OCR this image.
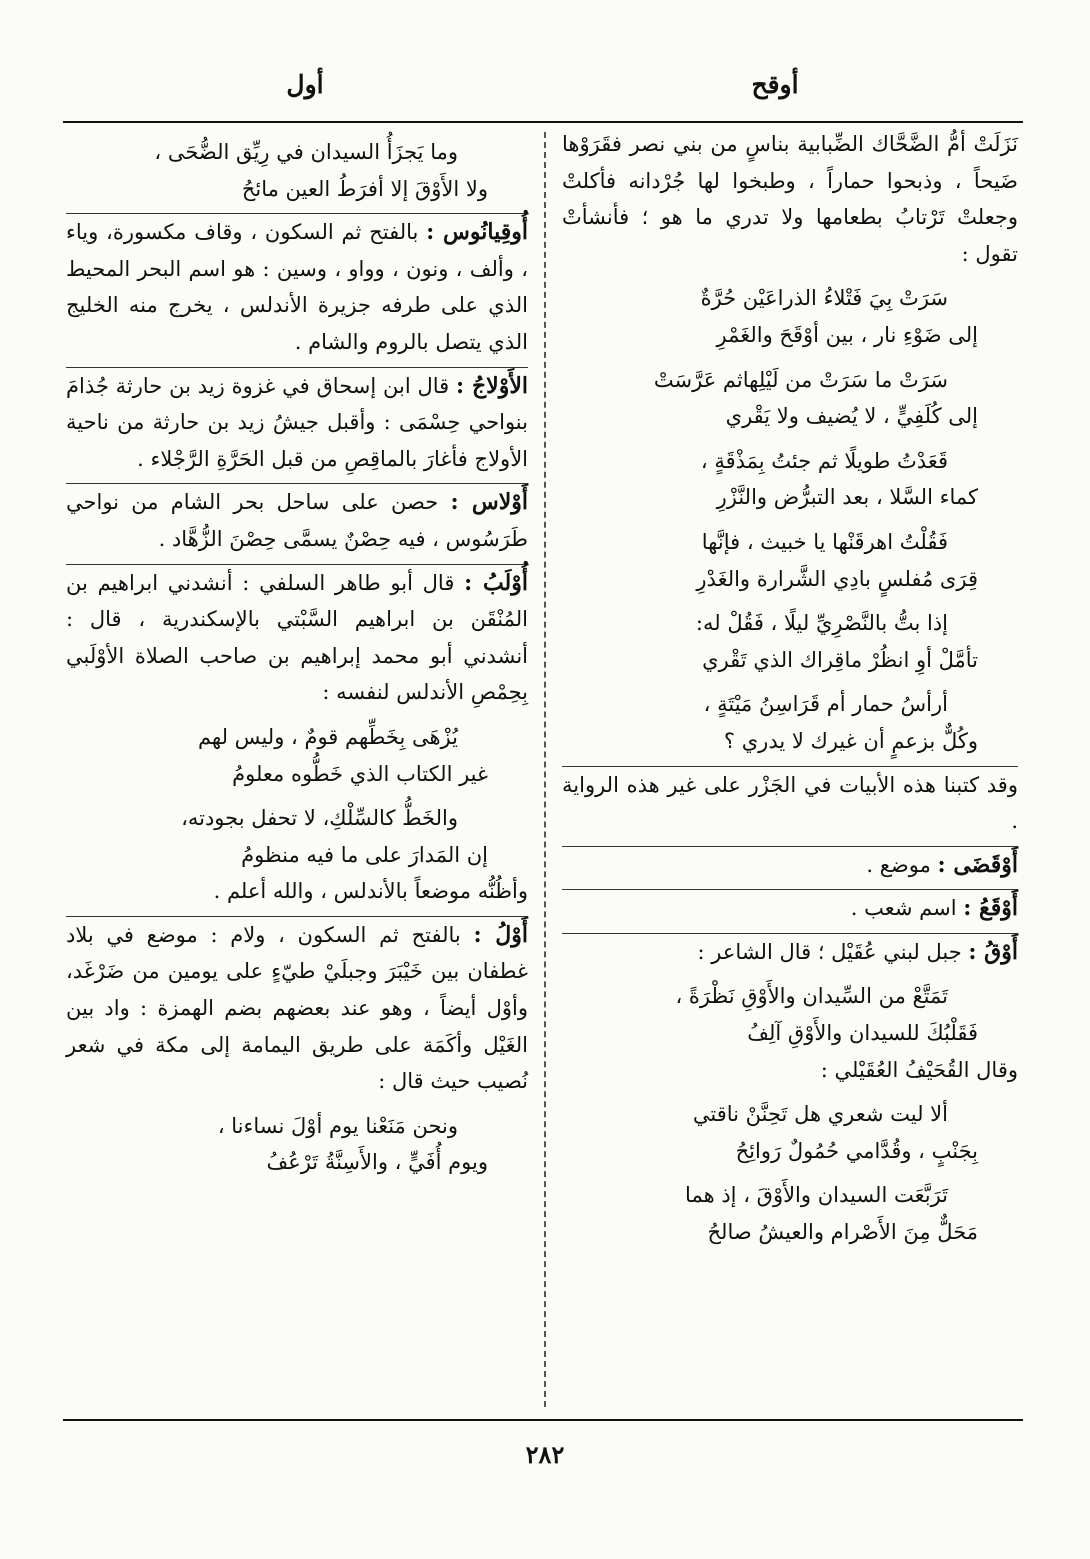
أوقح
أول

نَزَلَتْ أمُّ الضَّحَّاك الضِّبابية بناسٍ من بني نصر فقَرَوْها ضَيحاً ، وذبحوا حماراً ، وطبخوا لها جُرْدانه فأكلتْ وجعلتْ تَرْتابُ بطعامها ولا تدري ما هو ؛ فأنشأتْ تقول :

سَرَتْ بِيَ فَتْلاءُ الذراعَيْن حُرَّةٌ
إلى ضَوْءِ نار ، بين أوْقَحَ والغَمْرِ
سَرَتْ ما سَرَتْ من لَيْلِهاثم عَرَّسَتْ
إلى كُلَفِيٍّ ، لا يُضيف ولا يَقْري
قَعَدْتُ طويلًا ثم جئتُ بِمَذْقَةٍ ،
كماء السَّلا ، بعد التبرُّض والنَّزْرِ
فَقُلْتُ اهرقَنْها يا خبيث ، فإنَّها
قِرَى مُفلسٍ بادِي الشَّرارة والغَدْرِ
إذا بتُّ بالنَّصْرِيِّ ليلًا ، فَقُلْ له:
تأمَّلْ أوِ انظُرْ ماقِراك الذي تَقْري
أرأسُ حمار أم قَرَاسِنُ مَيْتَةٍ ،
وكُلٌّ بزعمٍ أن غيرك لا يدري ؟

وقد كتبنا هذه الأبيات في الجَزْر على غير هذه الرواية .

أَوْقَضَى : موضع .

أَوْقَعُ : اسم شعب .

أَوْقُ : جبل لبني عُقَيْل ؛ قال الشاعر :

تَمَتَّعْ من السِّيدان والأَوْقِ نَظْرَةً ،
فَقَلْبُكَ للسيدان والأَوْقِ آلِفُ

وقال القُحَيْفُ العُقَيْلي :

ألا ليت شعري هل تَحِنَّنْ ناقتي
بِجَنْبٍ ، وقُدَّامي حُمُولٌ رَوائِحُ
تَرَبَّعَت السيدان والأَوْقَ ، إذ هما
مَحَلٌّ مِنَ الأَصْرام والعيشُ صالحُ
وما يَجزَأُ السيدان في رِيِّق الضُّحَى ،
ولا الأَوْقَ إلا أفرَطُ العين مائحُ

أُوقِيانُوس : بالفتح ثم السكون ، وقاف مكسورة، وياء ، وألف ، ونون ، وواو ، وسين : هو اسم البحر المحيط الذي على طرفه جزيرة الأندلس ، يخرج منه الخليج الذي يتصل بالروم والشام .

الأَوْلاجُ : قال ابن إسحاق في غزوة زيد بن حارثة جُذامَ بنواحي حِسْمَى : وأقبل جيشُ زيد بن حارثة من ناحية الأولاج فأغارَ بالماقِصِ من قبل الحَرَّةِ الرَّجْلاء .

أَوْلاس : حصن على ساحل بحر الشام من نواحي طَرَسُوس ، فيه حِصْنٌ يسمَّى حِصْنَ الزُّهَّاد .

أُوْلَبُ : قال أبو طاهر السلفي : أنشدني ابراهيم بن المُنْقَن بن ابراهيم السَّبْتي بالإسكندرية ، قال : أنشدني أبو محمد إبراهيم بن صاحب الصلاة الأوْلَبي بِحِمْصِ الأندلس لنفسه :

يُزْهَى بِخَطِّهم قومٌ ، وليس لهم
غير الكتاب الذي خَطُّوه معلومُ
والخَطُّ كالسِّلْكِ، لا تحفل بجودته،
إن المَدارَ على ما فيه منظومُ

وأظُنُّه موضعاً بالأندلس ، والله أعلم .

أَوْلُ : بالفتح ثم السكون ، ولام : موضع في بلاد غطفان بين خَيْبَرَ وجبلَيْ طيّءٍ على يومين من ضَرْغَد، وأوْل أيضاً ، وهو عند بعضهم بضم الهمزة : واد بين الغَيْل وأكَمَة على طريق اليمامة إلى مكة في شعر نُصيب حيث قال :

ونحن مَنَعْنا يوم أوْلَ نساءنا ،
ويوم أُفَيٍّ ، والأَسِنَّةُ تَرْعُفُ
٢٨٢
